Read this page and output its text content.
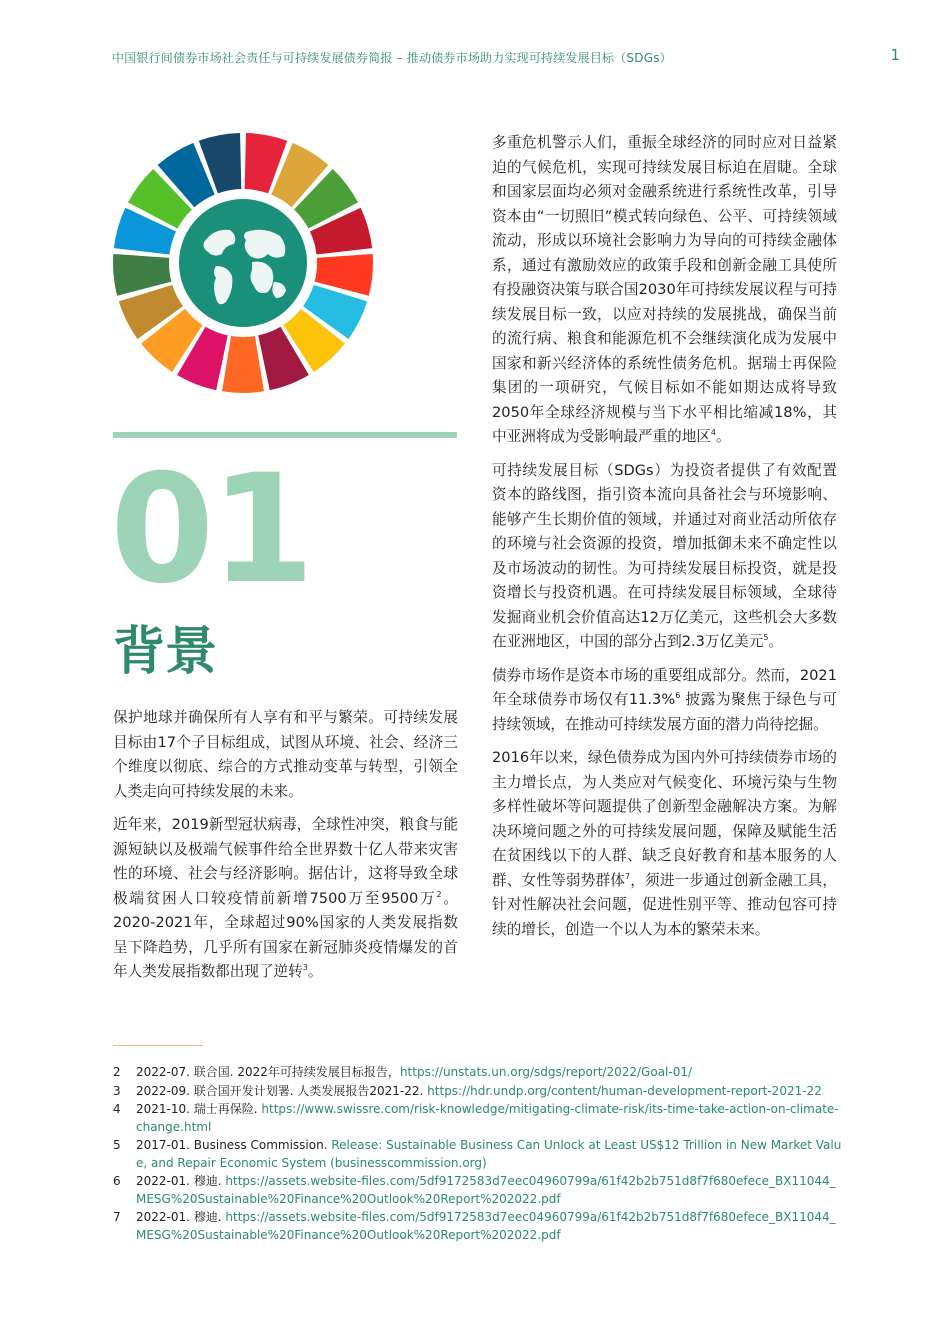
中国银行间债券市场社会责任与可持续发展债券简报 – 推动债券市场助力实现可持续发展目标（SDGs）	1
01
背景

保护地球并确保所有人享有和平与繁荣。可持续发展目标由17个子目标组成，试图从环境、社会、经济三个维度以彻底、综合的方式推动变革与转型，引领全人类走向可持续发展的未来。

近年来，2019新型冠状病毒，全球性冲突，粮食与能源短缺以及极端气候事件给全世界数十亿人带来灾害性的环境、社会与经济影响。据估计，这将导致全球极端贫困人口较疫情前新增7500万至9500万$^2$。2020-2021年，全球超过90%国家的人类发展指数呈下降趋势，几乎所有国家在新冠肺炎疫情爆发的首年人类发展指数都出现了逆转$^3$。

多重危机警示人们，重振全球经济的同时应对日益紧迫的气候危机，实现可持续发展目标迫在眉睫。全球和国家层面均必须对金融系统进行系统性改革，引导资本由“一切照旧”模式转向绿色、公平、可持续领域流动，形成以环境社会影响力为导向的可持续金融体系，通过有激励效应的政策手段和创新金融工具使所有投融资决策与联合国2030年可持续发展议程与可持续发展目标一致，以应对持续的发展挑战，确保当前的流行病、粮食和能源危机不会继续演化成为发展中国家和新兴经济体的系统性债务危机。据瑞士再保险集团的一项研究，气候目标如不能如期达成将导致2050年全球经济规模与当下水平相比缩减18%，其中亚洲将成为受影响最严重的地区$^4$。

可持续发展目标（SDGs）为投资者提供了有效配置资本的路线图，指引资本流向具备社会与环境影响、能够产生长期价值的领域，并通过对商业活动所依存的环境与社会资源的投资，增加抵御未来不确定性以及市场波动的韧性。为可持续发展目标投资，就是投资增长与投资机遇。在可持续发展目标领域，全球待发掘商业机会价值高达12万亿美元，这些机会大多数在亚洲地区，中国的部分占到2.3万亿美元$^5$。

债券市场作是资本市场的重要组成部分。然而，2021年全球债券市场仅有11.3%$^6$ 披露为聚焦于绿色与可持续领域，在推动可持续发展方面的潜力尚待挖掘。

2016年以来，绿色债券成为国内外可持续债券市场的主力增长点，为人类应对气候变化、环境污染与生物多样性破坏等问题提供了创新型金融解决方案。为解决环境问题之外的可持续发展问题，保障及赋能生活在贫困线以下的人群、缺乏良好教育和基本服务的人群、女性等弱势群体$^7$，须进一步通过创新金融工具，针对性解决社会问题，促进性别平等、推动包容可持续的增长，创造一个以人为本的繁荣未来。

2	2022-07. 联合国. 2022年可持续发展目标报告，https://unstats.un.org/sdgs/report/2022/Goal-01/
3	2022-09. 联合国开发计划署. 人类发展报告2021-22. https://hdr.undp.org/content/human-development-report-2021-22
4	2021-10. 瑞士再保险. https://www.swissre.com/risk-knowledge/mitigating-climate-risk/its-time-take-action-on-climate-change.html
5	2017-01. Business Commission. Release: Sustainable Business Can Unlock at Least US$12 Trillion in New Market Value, and Repair Economic System (businesscommission.org)
6	2022-01. 穆迪. https://assets.website-files.com/5df9172583d7eec04960799a/61f42b2b751d8f7f680efece_BX11044_MESG%20Sustainable%20Finance%20Outlook%20Report%202022.pdf
7	2022-01. 穆迪. https://assets.website-files.com/5df9172583d7eec04960799a/61f42b2b751d8f7f680efece_BX11044_MESG%20Sustainable%20Finance%20Outlook%20Report%202022.pdf
